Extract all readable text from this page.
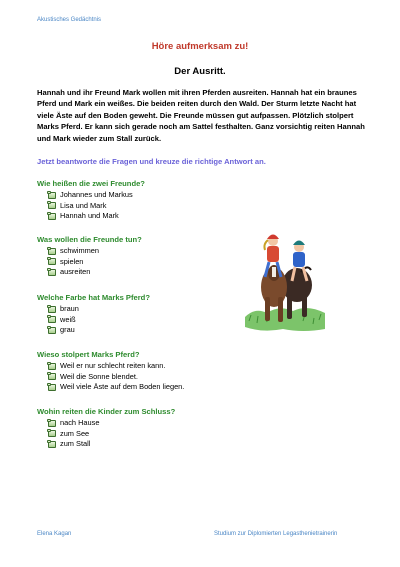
Akustisches Gedächtnis
Höre aufmerksam zu!
Der Ausritt.
Hannah und ihr Freund Mark wollen mit ihren Pferden ausreiten. Hannah hat ein braunes Pferd und Mark ein weißes. Die beiden reiten durch den Wald. Der Sturm letzte Nacht hat viele Äste auf den Boden geweht. Die Freunde müssen gut aufpassen. Plötzlich stolpert Marks Pferd. Er kann sich gerade noch am Sattel festhalten. Ganz vorsichtig reiten Hannah und Mark wieder zum Stall zurück.
Jetzt beantworte die Fragen und kreuze die richtige Antwort an.
Wie heißen die zwei Freunde?
Johannes und Markus
Lisa und Mark
Hannah und Mark
Was wollen die Freunde tun?
schwimmen
spielen
ausreiten
Welche Farbe hat Marks Pferd?
braun
weiß
grau
Wieso stolpert Marks Pferd?
Weil er nur schlecht reiten kann.
Weil die Sonne blendet.
Weil viele Äste auf dem Boden liegen.
Wohin reiten die Kinder zum Schluss?
nach Hause
zum See
zum Stall
Elena Kagan	Studium zur Diplomierten Legasthenietrainerin
